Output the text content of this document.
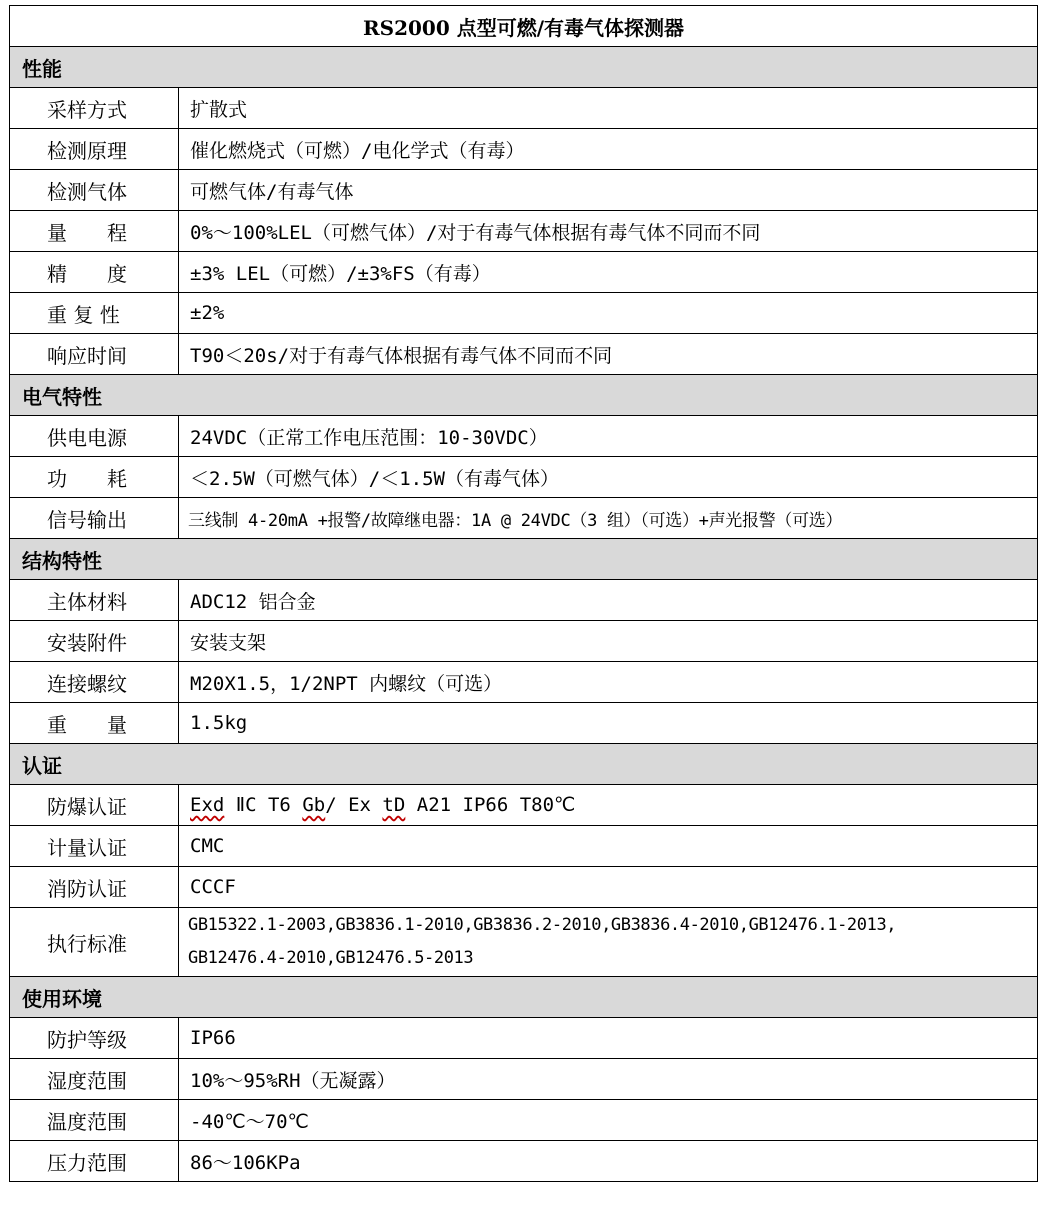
RS2000 点型可燃/有毒气体探测器	
性能	
采样方式	扩散式
检测原理	催化燃烧式（可燃）/电化学式（有毒）
检测气体	可燃气体/有毒气体
量　　程	0%～100%LEL（可燃气体）/对于有毒气体根据有毒气体不同而不同
精　　度	±3% LEL（可燃）/±3%FS（有毒）
重 复 性	±2%
响应时间	T90＜20s/对于有毒气体根据有毒气体不同而不同
电气特性	
供电电源	24VDC（正常工作电压范围：10-30VDC）
功　　耗	＜2.5W（可燃气体）/＜1.5W（有毒气体）
信号输出	三线制 4-20mA +报警/故障继电器：1A @ 24VDC（3 组）（可选）+声光报警（可选）
结构特性	
主体材料	ADC12 铝合金
安装附件	安装支架
连接螺纹	M20X1.5，1/2NPT 内螺纹（可选）
重　　量	1.5kg
认证	
防爆认证	Exd ⅡC T6 Gb/ Ex tD A21 IP66 T80℃
计量认证	CMC
消防认证	CCCF
执行标准	GB15322.1-2003,GB3836.1-2010,GB3836.2-2010,GB3836.4-2010,GB12476.1-2013,
GB12476.4-2010,GB12476.5-2013

使用环境	
防护等级	IP66
湿度范围	10%～95%RH（无凝露）
温度范围	-40℃～70℃
压力范围	86～106KPa
